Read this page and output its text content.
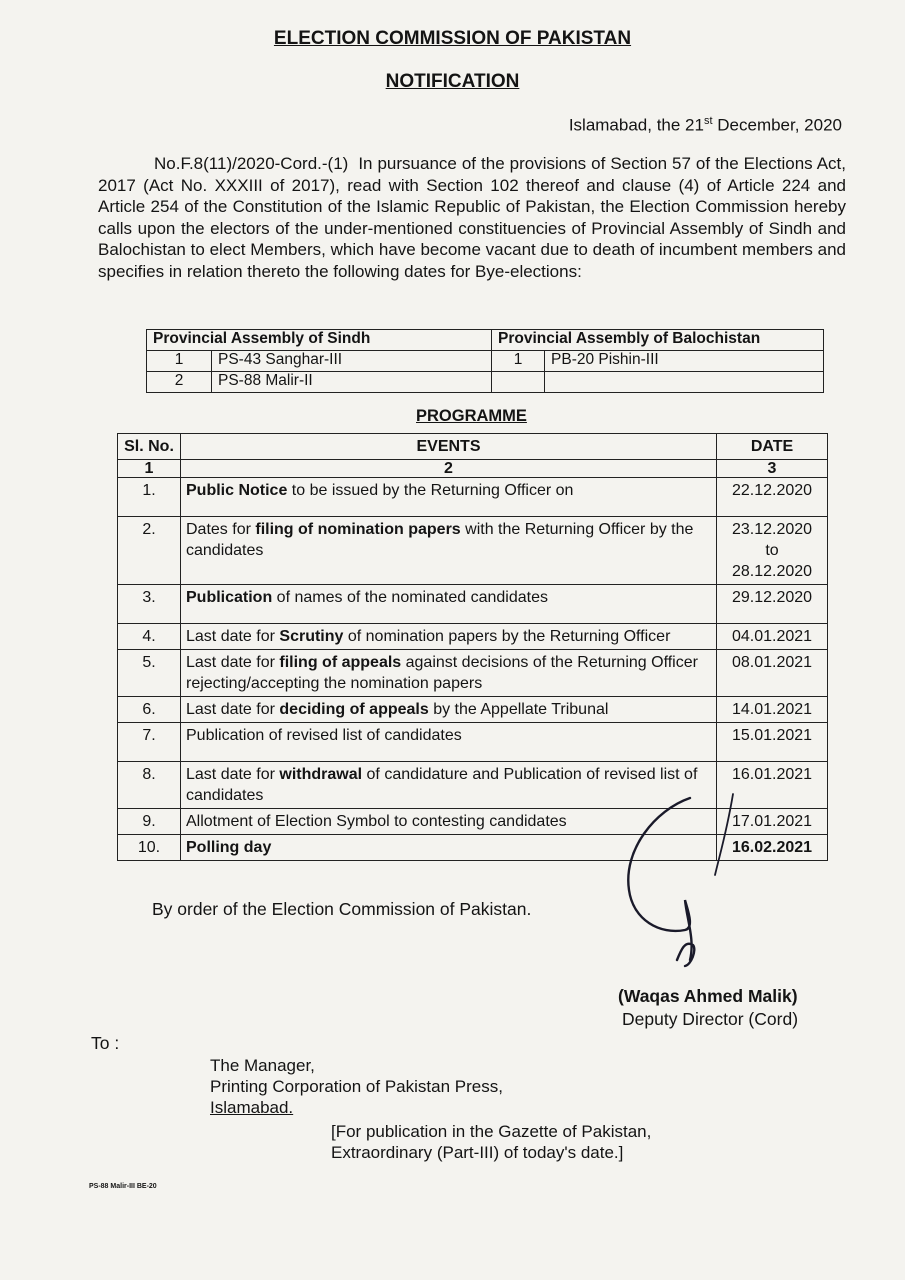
ELECTION COMMISSION OF PAKISTAN
NOTIFICATION
Islamabad, the 21st December, 2020
No.F.8(11)/2020-Cord.-(1) In pursuance of the provisions of Section 57 of the Elections Act, 2017 (Act No. XXXIII of 2017), read with Section 102 thereof and clause (4) of Article 224 and Article 254 of the Constitution of the Islamic Republic of Pakistan, the Election Commission hereby calls upon the electors of the under-mentioned constituencies of Provincial Assembly of Sindh and Balochistan to elect Members, which have become vacant due to death of incumbent members and specifies in relation thereto the following dates for Bye-elections:
Provincial Assembly of Sindh		Provincial Assembly of Balochistan	
1	PS-43 Sanghar-III	1	PB-20 Pishin-III
2	PS-88 Malir-II		
PROGRAMME
Sl. No.	EVENTS	DATE
1	2	3
1.	Public Notice to be issued by the Returning Officer on	22.12.2020
2.	Dates for filing of nomination papers with the Returning Officer by the candidates	23.12.2020
to
28.12.2020

3.	Publication of names of the nominated candidates	29.12.2020
4.	Last date for Scrutiny of nomination papers by the Returning Officer	04.01.2021
5.	Last date for filing of appeals against decisions of the Returning Officer rejecting/accepting the nomination papers	08.01.2021
6.	Last date for deciding of appeals by the Appellate Tribunal	14.01.2021
7.	Publication of revised list of candidates	15.01.2021
8.	Last date for withdrawal of candidature and Publication of revised list of candidates	16.01.2021
9.	Allotment of Election Symbol to contesting candidates	17.01.2021
10.	Polling day	16.02.2021
By order of the Election Commission of Pakistan.
(Waqas Ahmed Malik)
Deputy Director (Cord)
To :
The Manager,
Printing Corporation of Pakistan Press,
Islamabad.
[For publication in the Gazette of Pakistan,
Extraordinary (Part-III) of today's date.]
PS-88 Malir-III BE-20
